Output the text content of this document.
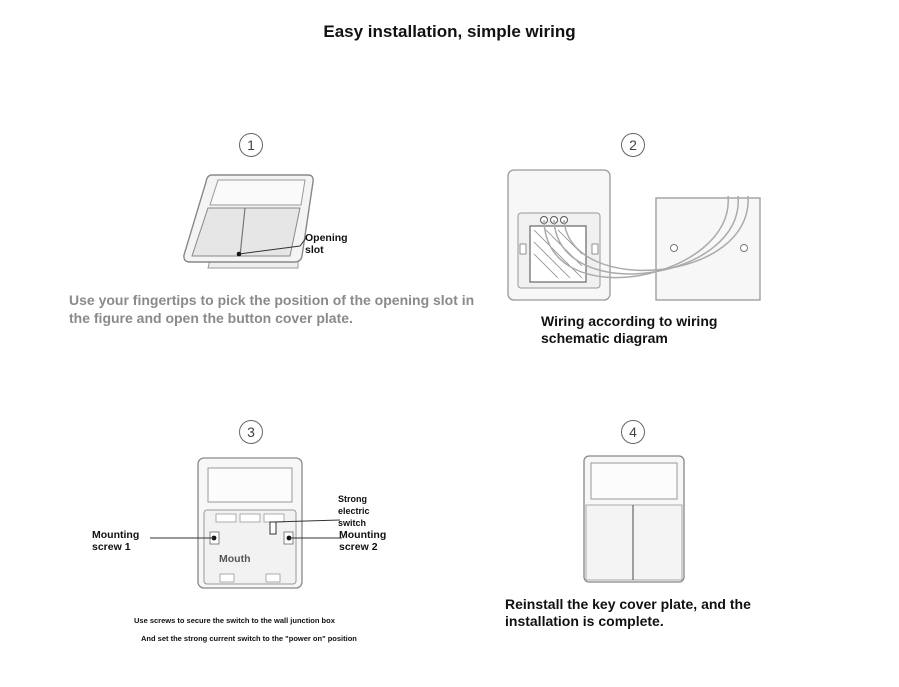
Easy installation, simple wiring
1
Opening slot
Use your fingertips to pick the position of the opening slot in the figure and open the button cover plate.
2
Wiring according to wiring schematic diagram
3
Mounting screw 1
Mounting screw 2
Strong electric switch
Mouth
Use screws to secure the switch to the wall junction box
And set the strong current switch to the "power on" position
4
Reinstall the key cover plate, and the installation is complete.
